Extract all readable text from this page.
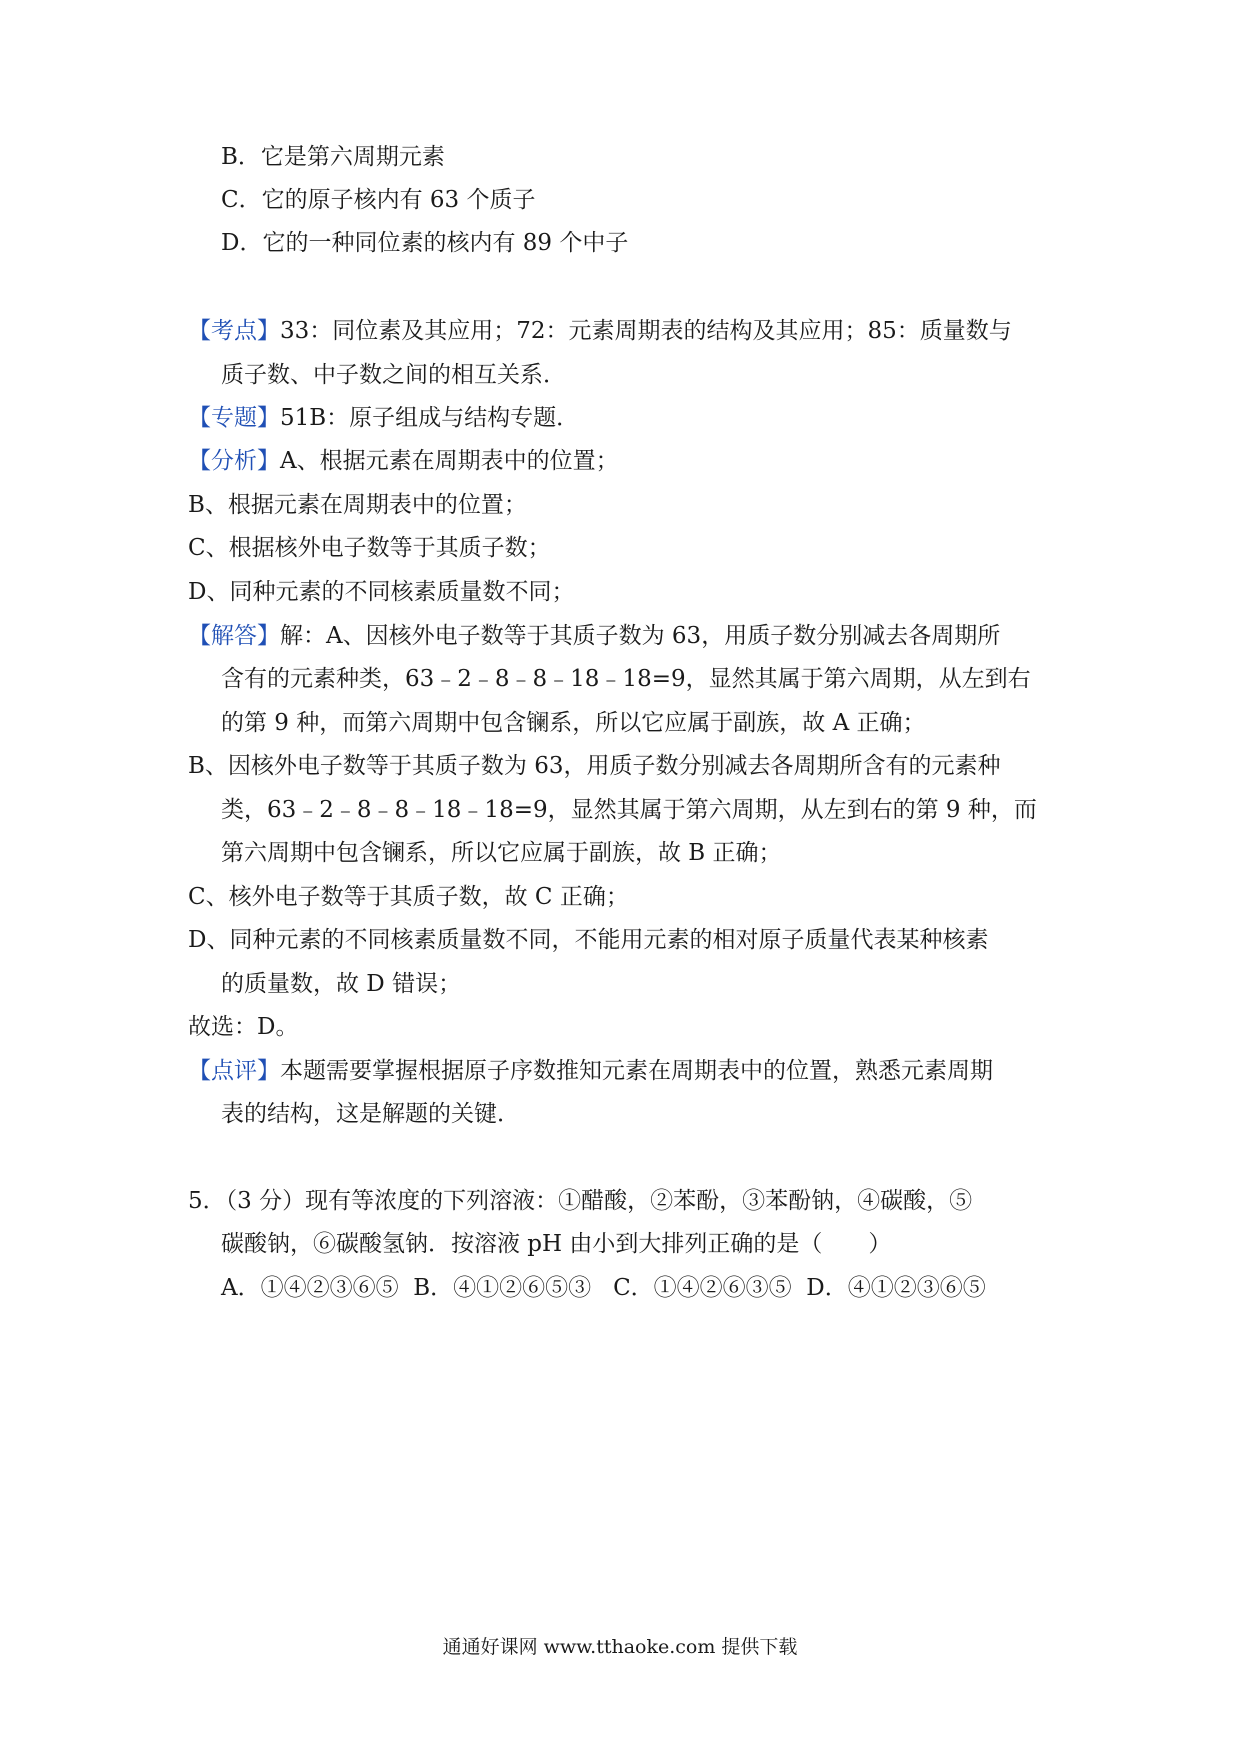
B．它是第六周期元素
C．它的原子核内有 63 个质子
D．它的一种同位素的核内有 89 个中子
【考点】33：同位素及其应用；72：元素周期表的结构及其应用；85：质量数与
质子数、中子数之间的相互关系．
【专题】51B：原子组成与结构专题．
【分析】A、根据元素在周期表中的位置；
B、根据元素在周期表中的位置；
C、根据核外电子数等于其质子数；
D、同种元素的不同核素质量数不同；
【解答】解：A、因核外电子数等于其质子数为 63，用质子数分别减去各周期所
含有的元素种类，63﹣2﹣8﹣8﹣18﹣18=9，显然其属于第六周期，从左到右
的第 9 种，而第六周期中包含镧系，所以它应属于副族，故 A 正确；
B、因核外电子数等于其质子数为 63，用质子数分别减去各周期所含有的元素种
类，63﹣2﹣8﹣8﹣18﹣18=9，显然其属于第六周期，从左到右的第 9 种，而
第六周期中包含镧系，所以它应属于副族，故 B 正确；
C、核外电子数等于其质子数，故 C 正确；
D、同种元素的不同核素质量数不同，不能用元素的相对原子质量代表某种核素
的质量数，故 D 错误；
故选：D。
【点评】本题需要掌握根据原子序数推知元素在周期表中的位置，熟悉元素周期
表的结构，这是解题的关键．
5．（3 分）现有等浓度的下列溶液：①醋酸，②苯酚，③苯酚钠，④碳酸，⑤
碳酸钠，⑥碳酸氢钠．按溶液 pH 由小到大排列正确的是（　　）
A．①④②③⑥⑤  B．④①②⑥⑤③   C．①④②⑥③⑤  D．④①②③⑥⑤
通通好课网 www.tthaoke.com 提供下载
